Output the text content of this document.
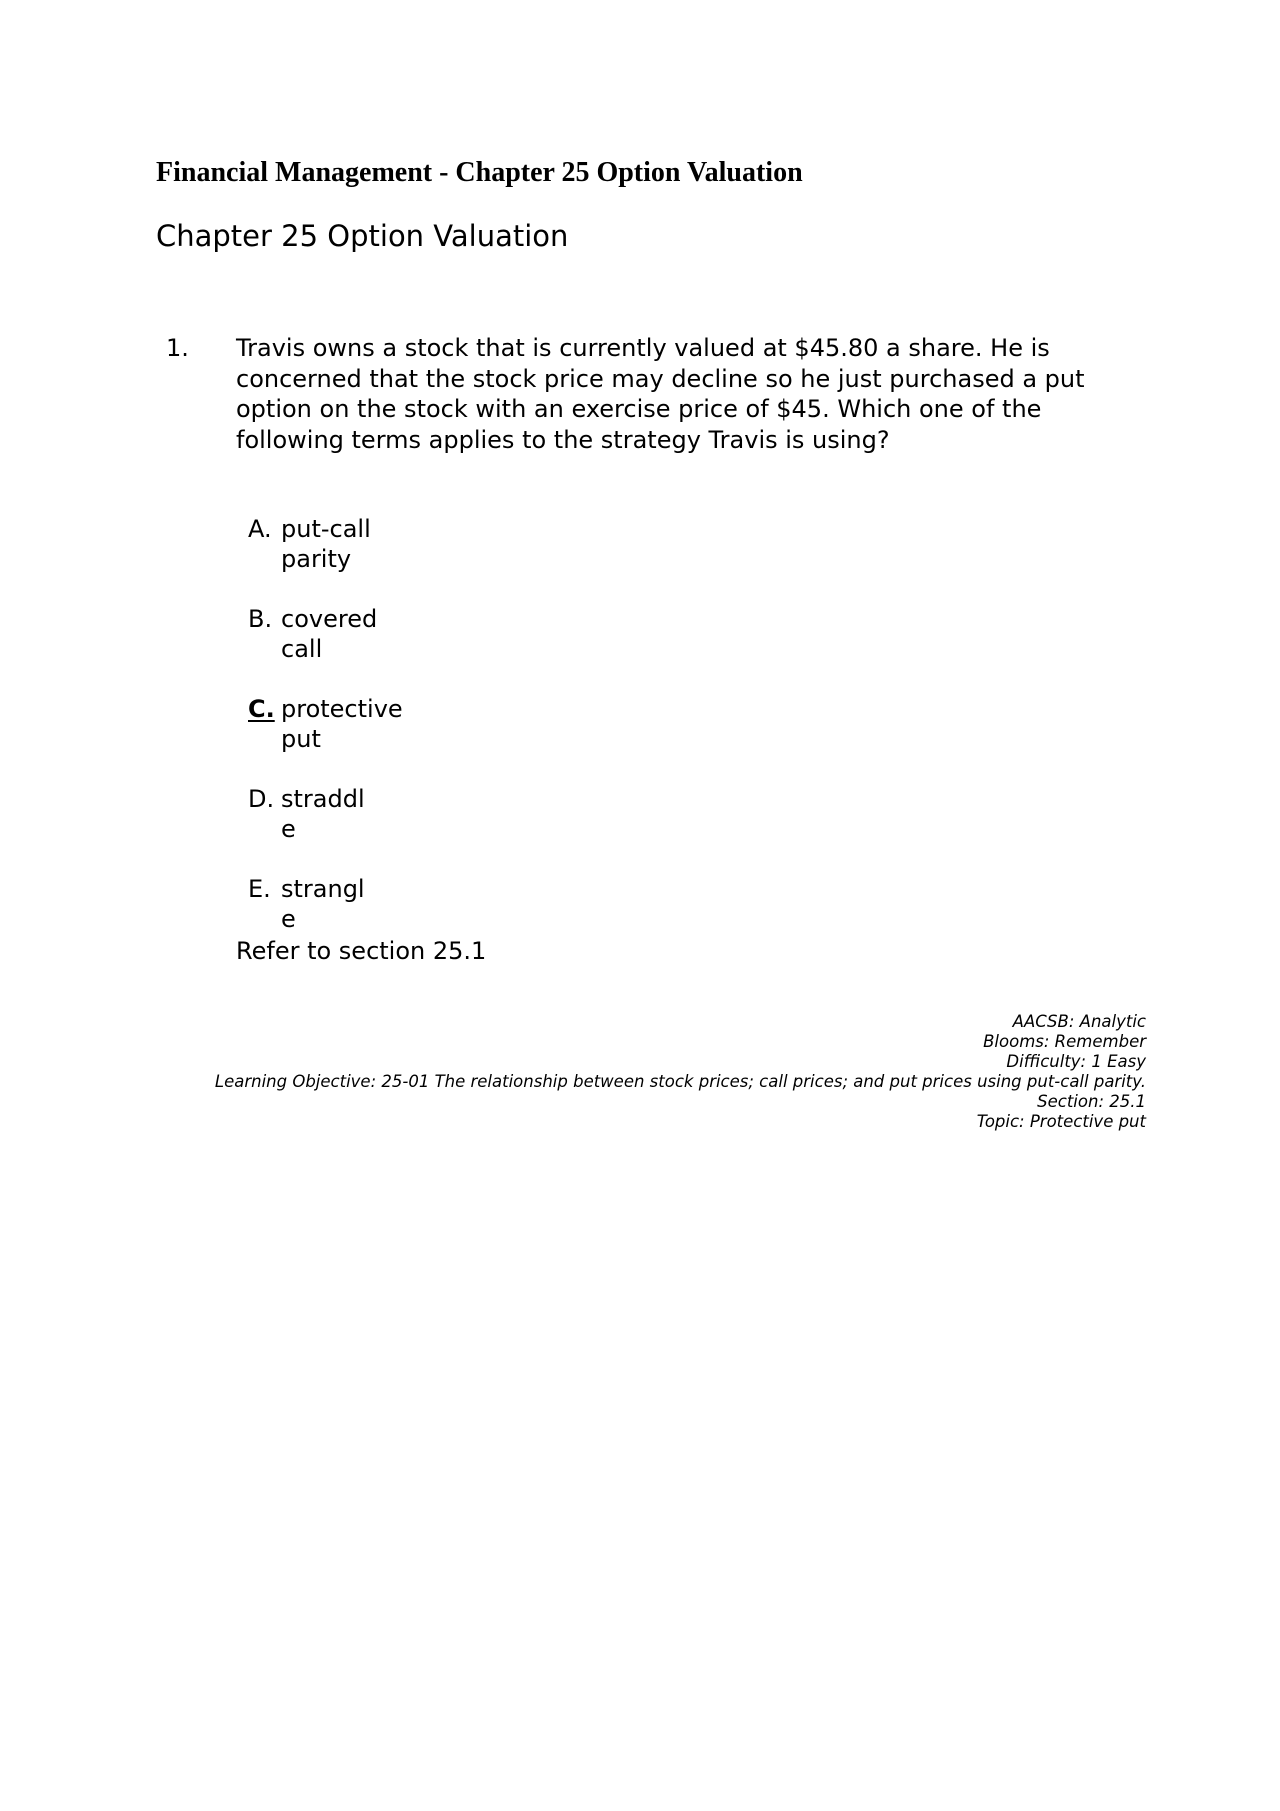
Financial Management - Chapter 25 Option Valuation
Chapter 25 Option Valuation
1. Travis owns a stock that is currently valued at $45.80 a share. He is concerned that the stock price may decline so he just purchased a put option on the stock with an exercise price of $45. Which one of the following terms applies to the strategy Travis is using?
A. put-call parity
B. covered call
C. protective put
D. straddle
E. strangle
Refer to section 25.1
AACSB: Analytic
Blooms: Remember
Difficulty: 1 Easy
Learning Objective: 25-01 The relationship between stock prices; call prices; and put prices using put-call parity.
Section: 25.1
Topic: Protective put
